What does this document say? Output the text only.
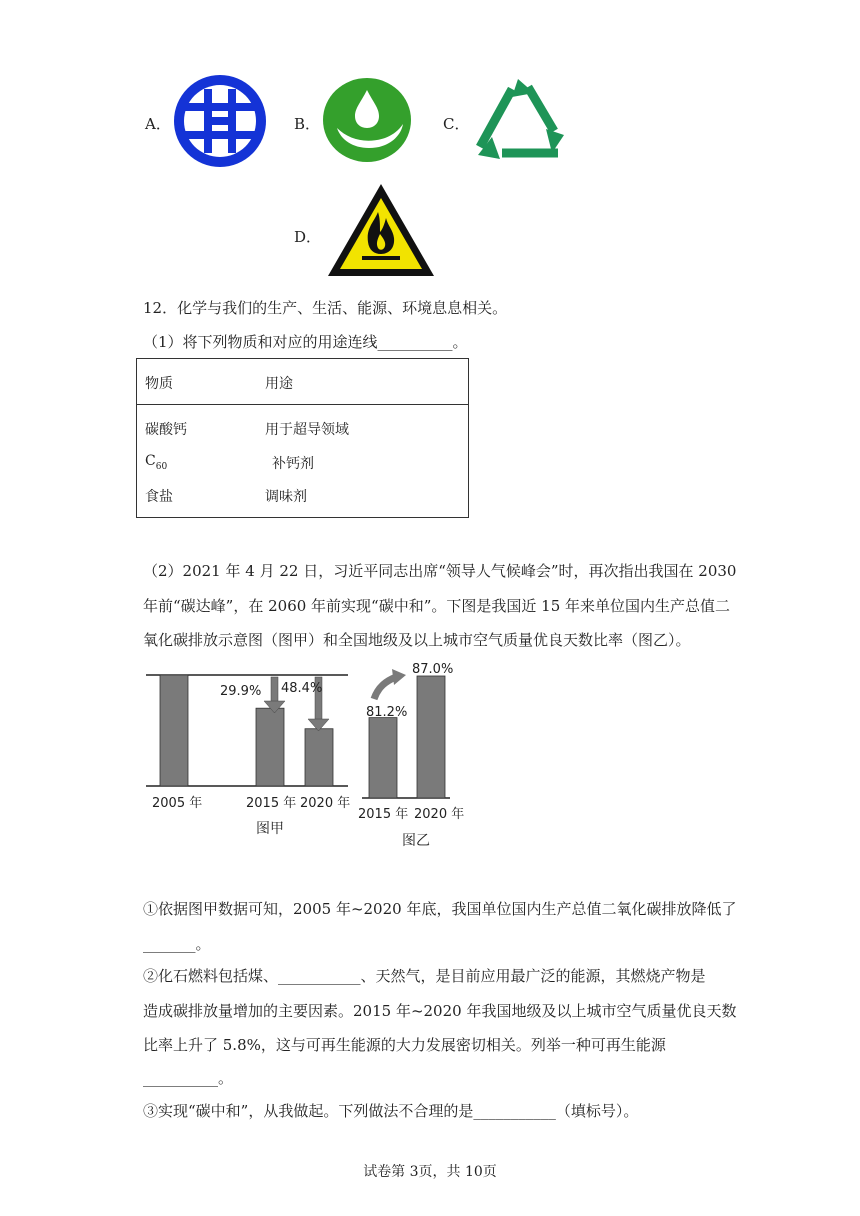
A．	B．	C．
D．
12．化学与我们的生产、生活、能源、环境息息相关。
（1）将下列物质和对应的用途连线__________。
物质	用途
碳酸钙	用于超导领域
$C_{60}$	补钙剂
食盐	调味剂
（2）2021 年 4 月 22 日，习近平同志出席“领导人气候峰会”时，再次指出我国在 2030
年前“碳达峰”，在 2060 年前实现“碳中和”。下图是我国近 15 年来单位国内生产总值二
氧化碳排放示意图（图甲）和全国地级及以上城市空气质量优良天数比率（图乙）。
29.9% 48.4%
81.2%
87.0%
2005 年	2015 年 2020 年
图甲
2015 年 2020 年
图乙
①依据图甲数据可知，2005 年~2020 年底，我国单位国内生产总值二氧化碳排放降低了
_______。
②化石燃料包括煤、___________、天然气，是目前应用最广泛的能源，其燃烧产物是
造成碳排放量增加的主要因素。2015 年~2020 年我国地级及以上城市空气质量优良天数
比率上升了 5.8%，这与可再生能源的大力发展密切相关。列举一种可再生能源
__________。
③实现“碳中和”，从我做起。下列做法不合理的是___________（填标号）。
试卷第 3页，共 10页
